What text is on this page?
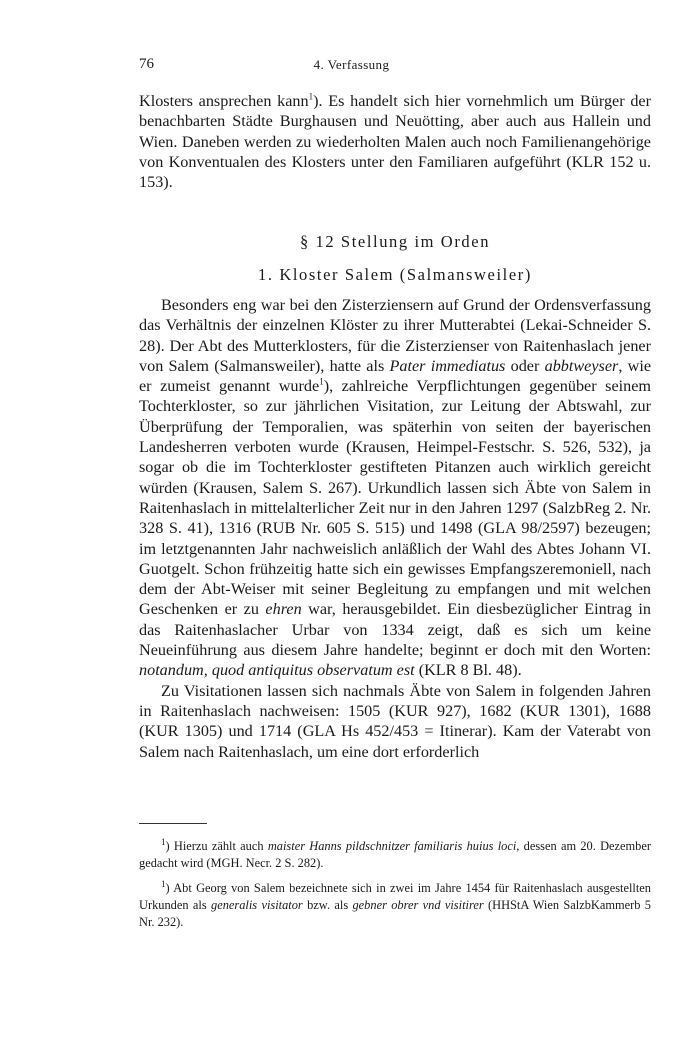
76	4. Verfassung

Klosters ansprechen kann$^1$). Es handelt sich hier vornehmlich um Bürger der benachbarten Städte Burghausen und Neuötting, aber auch aus Hallein und Wien. Daneben werden zu wiederholten Malen auch noch Familienangehörige von Konventualen des Klosters unter den Familiaren aufgeführt (KLR 152 u. 153).

§ 12 Stellung im Orden
1. Kloster Salem (Salmansweiler)

Besonders eng war bei den Zisterziensern auf Grund der Ordensverfassung das Verhältnis der einzelnen Klöster zu ihrer Mutterabtei (Lekai-Schneider S. 28). Der Abt des Mutterklosters, für die Zisterzienser von Raitenhaslach jener von Salem (Salmansweiler), hatte als Pater immediatus oder abbtweyser, wie er zumeist genannt wurde$^1$), zahlreiche Verpflichtungen gegenüber seinem Tochterkloster, so zur jährlichen Visitation, zur Leitung der Abtswahl, zur Überprüfung der Temporalien, was späterhin von seiten der bayerischen Landesherren verboten wurde (Krausen, Heimpel-Festschr. S. 526, 532), ja sogar ob die im Tochterkloster gestifteten Pitanzen auch wirklich gereicht würden (Krausen, Salem S. 267). Urkundlich lassen sich Äbte von Salem in Raitenhaslach in mittelalterlicher Zeit nur in den Jahren 1297 (SalzbReg 2. Nr. 328 S. 41), 1316 (RUB Nr. 605 S. 515) und 1498 (GLA 98/2597) bezeugen; im letztgenannten Jahr nachweislich anläßlich der Wahl des Abtes Johann VI. Guotgelt. Schon frühzeitig hatte sich ein gewisses Empfangszeremoniell, nach dem der Abt-Weiser mit seiner Begleitung zu empfangen und mit welchen Geschenken er zu ehren war, herausgebildet. Ein diesbezüglicher Eintrag in das Raitenhaslacher Urbar von 1334 zeigt, daß es sich um keine Neueinführung aus diesem Jahre handelte; beginnt er doch mit den Worten: notandum, quod antiquitus observatum est (KLR 8 Bl. 48).

Zu Visitationen lassen sich nachmals Äbte von Salem in folgenden Jahren in Raitenhaslach nachweisen: 1505 (KUR 927), 1682 (KUR 1301), 1688 (KUR 1305) und 1714 (GLA Hs 452/453 = Itinerar). Kam der Vaterabt von Salem nach Raitenhaslach, um eine dort erforderlich

$^1$) Hierzu zählt auch maister Hanns pildschnitzer familiaris huius loci, dessen am 20. Dezember gedacht wird (MGH. Necr. 2 S. 282).

$^1$) Abt Georg von Salem bezeichnete sich in zwei im Jahre 1454 für Raitenhaslach ausgestellten Urkunden als generalis visitator bzw. als gebner obrer vnd visitirer (HHStA Wien SalzbKammerb 5 Nr. 232).
